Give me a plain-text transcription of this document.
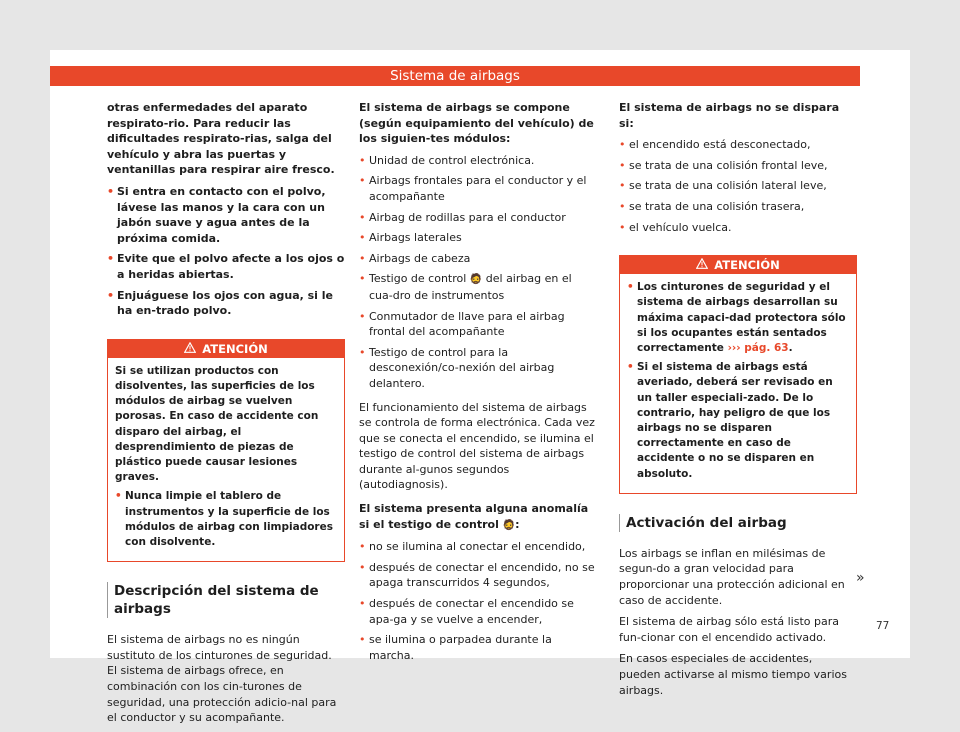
Sistema de airbags

otras enfermedades del aparato respirato-rio. Para reducir las dificultades respirato-rias, salga del vehículo y abra las puertas y ventanillas para respirar aire fresco.

• Si entra en contacto con el polvo, lávese las manos y la cara con un jabón suave y agua antes de la próxima comida.
• Evite que el polvo afecte a los ojos o a heridas abiertas.
• Enjuáguese los ojos con agua, si le ha en-trado polvo.
ATENCIÓN

Si se utilizan productos con disolventes, las superficies de los módulos de airbag se vuelven porosas. En caso de accidente con disparo del airbag, el desprendimiento de piezas de plástico puede causar lesiones graves.

• Nunca limpie el tablero de instrumentos y la superficie de los módulos de airbag con limpiadores con disolvente.
Descripción del sistema de airbags

El sistema de airbags no es ningún sustituto de los cinturones de seguridad. El sistema de airbags ofrece, en combinación con los cin-turones de seguridad, una protección adicio-nal para el conductor y su acompañante.

El sistema de airbags se compone (según equipamiento del vehículo) de los siguien-tes módulos:

• Unidad de control electrónica.
• Airbags frontales para el conductor y el acompañante
• Airbag de rodillas para el conductor
• Airbags laterales
• Airbags de cabeza
• Testigo de control 🧔 del airbag en el cua-dro de instrumentos
• Conmutador de llave para el airbag frontal del acompañante
• Testigo de control para la desconexión/co-nexión del airbag delantero.

El funcionamiento del sistema de airbags se controla de forma electrónica. Cada vez que se conecta el encendido, se ilumina el testigo de control del sistema de airbags durante al-gunos segundos (autodiagnosis).

El sistema presenta alguna anomalía si el testigo de control 🧔:

• no se ilumina al conectar el encendido,
• después de conectar el encendido, no se apaga transcurridos 4 segundos,
• después de conectar el encendido se apa-ga y se vuelve a encender,
• se ilumina o parpadea durante la marcha.

El sistema de airbags no se dispara si:

• el encendido está desconectado,
• se trata de una colisión frontal leve,
• se trata de una colisión lateral leve,
• se trata de una colisión trasera,
• el vehículo vuelca.
ATENCIÓN
• Los cinturones de seguridad y el sistema de airbags desarrollan su máxima capaci-dad protectora sólo si los ocupantes están sentados correctamente ››› pág. 63.
• Si el sistema de airbags está averiado, deberá ser revisado en un taller especiali-zado. De lo contrario, hay peligro de que los airbags no se disparen correctamente en caso de accidente o no se disparen en absoluto.
Activación del airbag

Los airbags se inflan en milésimas de segun-do a gran velocidad para proporcionar una protección adicional en caso de accidente.

El sistema de airbag sólo está listo para fun-cionar con el encendido activado.

En casos especiales de accidentes, pueden activarse al mismo tiempo varios airbags.

»
77
